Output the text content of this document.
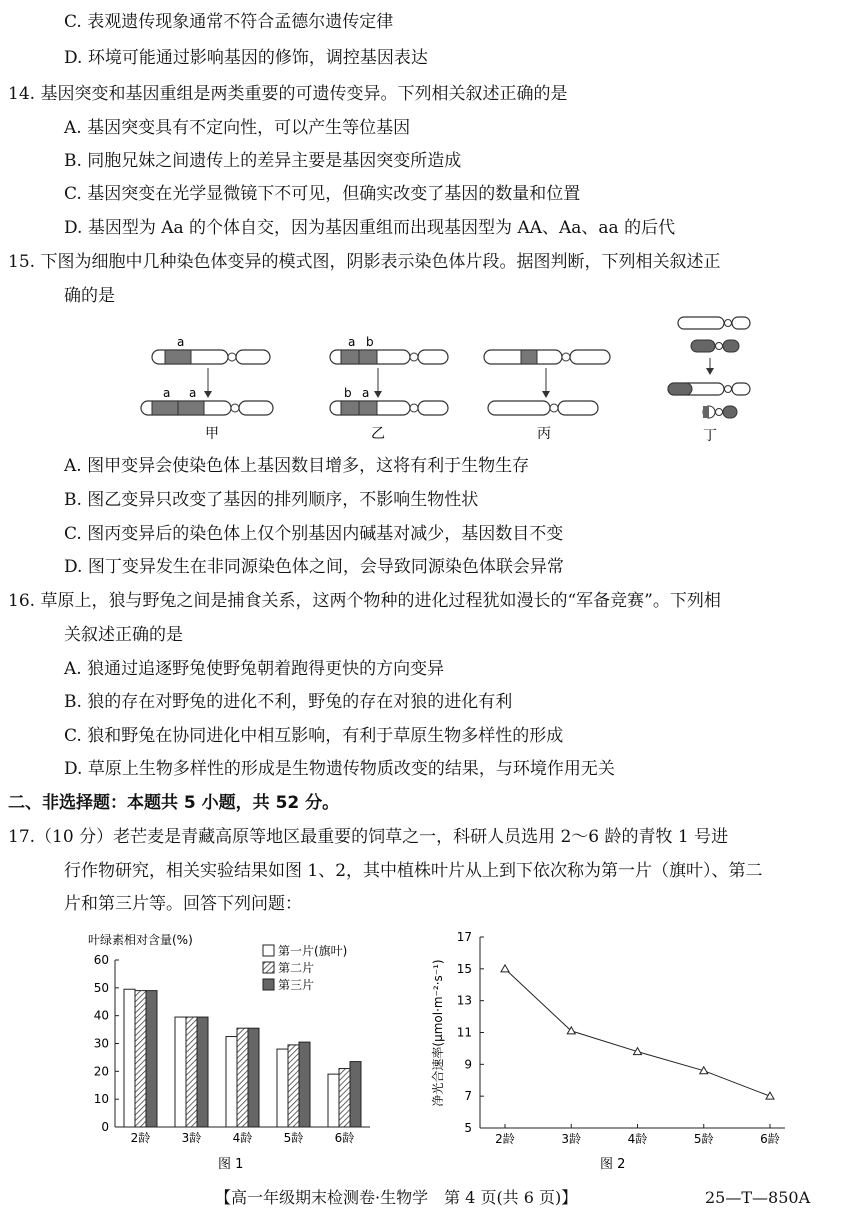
C. 表观遗传现象通常不符合孟德尔遗传定律
D. 环境可能通过影响基因的修饰，调控基因表达
14. 基因突变和基因重组是两类重要的可遗传变异。下列相关叙述正确的是
A. 基因突变具有不定向性，可以产生等位基因
B. 同胞兄妹之间遗传上的差异主要是基因突变所造成
C. 基因突变在光学显微镜下不可见，但确实改变了基因的数量和位置
D. 基因型为 Aa 的个体自交，因为基因重组而出现基因型为 AA、Aa、aa 的后代
15. 下图为细胞中几种染色体变异的模式图，阴影表示染色体片段。据图判断，下列相关叙述正
确的是
a
a a
甲
a b
b a
乙	丙	丁
A. 图甲变异会使染色体上基因数目增多，这将有利于生物生存
B. 图乙变异只改变了基因的排列顺序，不影响生物性状
C. 图丙变异后的染色体上仅个别基因内碱基对减少，基因数目不变
D. 图丁变异发生在非同源染色体之间，会导致同源染色体联会异常
16. 草原上，狼与野兔之间是捕食关系，这两个物种的进化过程犹如漫长的“军备竞赛”。下列相
关叙述正确的是
A. 狼通过追逐野兔使野兔朝着跑得更快的方向变异
B. 狼的存在对野兔的进化不利，野兔的存在对狼的进化有利
C. 狼和野兔在协同进化中相互影响，有利于草原生物多样性的形成
D. 草原上生物多样性的形成是生物遗传物质改变的结果，与环境作用无关
二、非选择题：本题共 5 小题，共 52 分。
17.（10 分）老芒麦是青藏高原等地区最重要的饲草之一，科研人员选用 2～6 龄的青牧 1 号进
行作物研究，相关实验结果如图 1、2，其中植株叶片从上到下依次称为第一片（旗叶）、第二
片和第三片等。回答下列问题：
叶绿素相对含量(%)
0
10
20
30
40
50
60
2龄	3龄	4龄	5龄	6龄
第一片(旗叶)
第二片
第三片
图 1
净光合速率(μmol·m⁻²·s⁻¹)
5
7
9
11
13
15
17
2龄	3龄	4龄	5龄	6龄
图 2
【高一年级期末检测卷·生物学　第 4 页(共 6 页)】	25—T—850A
